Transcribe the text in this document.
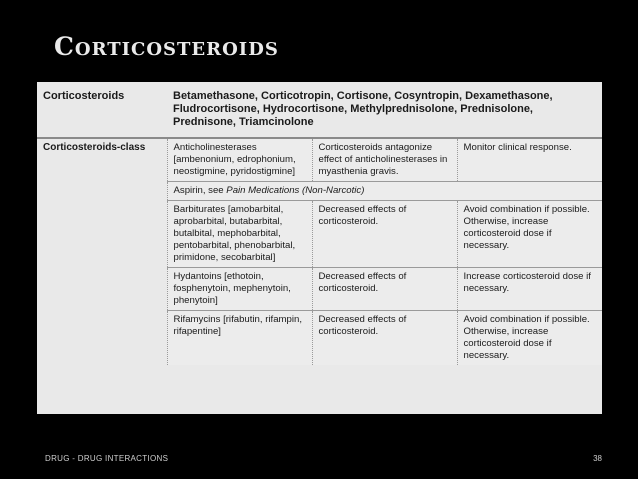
Corticosteroids
Corticosteroids	Betamethasone, Corticotropin, Cortisone, Cosyntropin, Dexamethasone, Fludrocortisone, Hydrocortisone, Methylprednisolone, Prednisolone, Prednisone, Triamcinolone		
Corticosteroids-class	Anticholinesterases [ambenonium, edrophonium, neostigmine, pyridostigmine]	Corticosteroids antagonize effect of anticholinesterases in myasthenia gravis.	Monitor clinical response.
	Aspirin, see Pain Medications (Non-Narcotic)		
	Barbiturates [amobarbital, aprobarbital, butabarbital, butalbital, mephobarbital, pentobarbital, phenobarbital, primidone, secobarbital]	Decreased effects of corticosteroid.	Avoid combination if possible. Otherwise, increase corticosteroid dose if necessary.
	Hydantoins [ethotoin, fosphenytoin, mephenytoin, phenytoin]	Decreased effects of corticosteroid.	Increase corticosteroid dose if necessary.
	Rifamycins [rifabutin, rifampin, rifapentine]	Decreased effects of corticosteroid.	Avoid combination if possible. Otherwise, increase corticosteroid dose if necessary.
DRUG - DRUG INTERACTIONS	38
